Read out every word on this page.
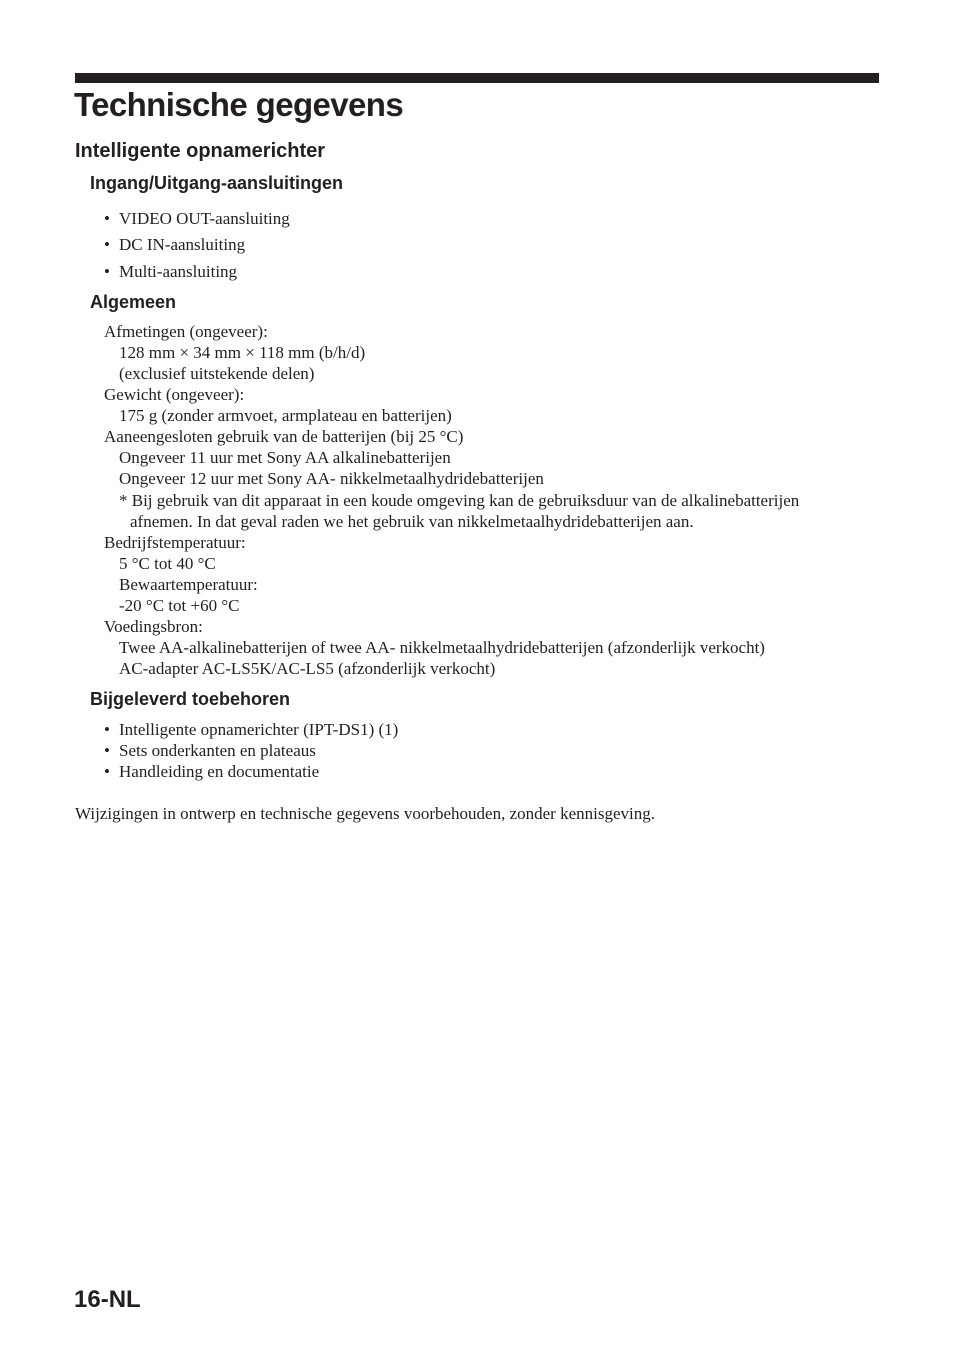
Technische gegevens
Intelligente opnamerichter
Ingang/Uitgang-aansluitingen
• VIDEO OUT-aansluiting
• DC IN-aansluiting
• Multi-aansluiting
Algemeen
Afmetingen (ongeveer):
128 mm × 34 mm × 118 mm (b/h/d)
(exclusief uitstekende delen)
Gewicht (ongeveer):
175 g (zonder armvoet, armplateau en batterijen)
Aaneengesloten gebruik van de batterijen (bij 25 °C)
Ongeveer 11 uur met Sony AA alkalinebatterijen
Ongeveer 12 uur met Sony AA- nikkelmetaalhydridebatterijen
* Bij gebruik van dit apparaat in een koude omgeving kan de gebruiksduur van de alkalinebatterijen
afnemen. In dat geval raden we het gebruik van nikkelmetaalhydridebatterijen aan.
Bedrijfstemperatuur:
5 °C tot 40 °C
Bewaartemperatuur:
-20 °C tot +60 °C
Voedingsbron:
Twee AA-alkalinebatterijen of twee AA- nikkelmetaalhydridebatterijen (afzonderlijk verkocht)
AC-adapter AC-LS5K/AC-LS5 (afzonderlijk verkocht)
Bijgeleverd toebehoren
• Intelligente opnamerichter (IPT-DS1) (1)
• Sets onderkanten en plateaus
• Handleiding en documentatie
Wijzigingen in ontwerp en technische gegevens voorbehouden, zonder kennisgeving.
16-NL
